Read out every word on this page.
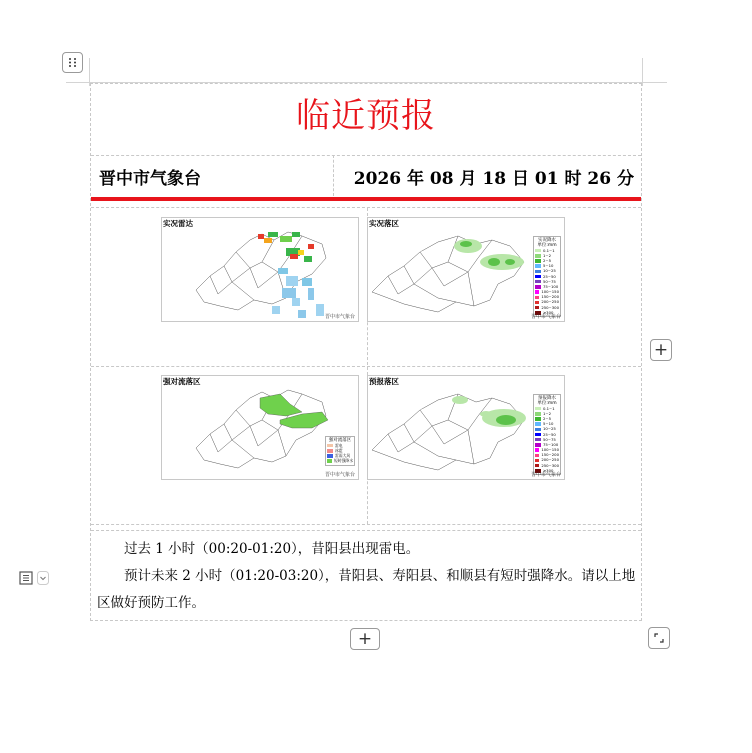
临近预报
晋中市气象台	2026 年 08 月 18 日 01 时 26 分
实况雷达
晋中市气象台
实况降水
单位:mm
0.1~1
1~2
2~5
5~10
10~25
25~50
50~75
75~100
100~150
150~200
200~250
250~300
≥300
实况落区
晋中市气象台
强对流落区
雷电
冰雹
雷雨大风
短时强降水
强对流落区
晋中市气象台
预报降水
单位:mm
0.1~1
1~2
2~5
5~10
10~25
25~50
50~75
75~100
100~150
150~200
200~250
250~300
≥300
预报落区
晋中市气象台
+
过去 1 小时（00:20-01:20），昔阳县出现雷电。
预计未来 2 小时（01:20-03:20），昔阳县、寿阳县、和顺县有短时强降水。请以上地区做好预防工作。
+
